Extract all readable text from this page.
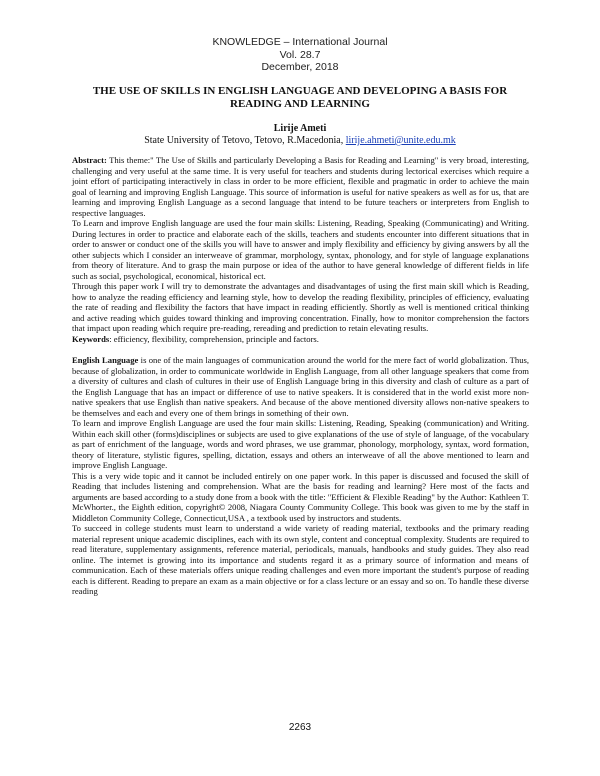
KNOWLEDGE – International Journal
Vol. 28.7
December, 2018
THE USE OF SKILLS IN ENGLISH LANGUAGE AND DEVELOPING A BASIS FOR READING AND LEARNING
Lirije Ameti
State University of Tetovo, Tetovo, R.Macedonia, lirije.ahmeti@unite.edu.mk

Abstract: This theme:" The Use of Skills and particularly Developing a Basis for Reading and Learning" is very broad, interesting, challenging and very useful at the same time. It is very useful for teachers and students during lectorical exercises which require a joint effort of participating interactively in class in order to be more efficient, flexible and pragmatic in order to achieve the main goal of learning and improving English Language. This source of information is useful for native speakers as well as for us, that are learning and improving English Language as a second language that intend to be future teachers or interpreters from English to respective languages.

To Learn and improve English language are used the four main skills: Listening, Reading, Speaking (Communicating) and Writing. During lectures in order to practice and elaborate each of the skills, teachers and students encounter into different situations that in order to answer or conduct one of the skills you will have to answer and imply flexibility and efficiency by giving answers by all the other subjects which I consider an interweave of grammar, morphology, syntax, phonology, and for style of language explanations from theory of literature. And to grasp the main purpose or idea of the author to have general knowledge of different fields in life such as social, psychological, economical, historical ect.

Through this paper work I will try to demonstrate the advantages and disadvantages of using the first main skill which is Reading, how to analyze the reading efficiency and learning style, how to develop the reading flexibility, principles of efficiency, evaluating the rate of reading and flexibility the factors that have impact in reading efficiently. Shortly as well is mentioned critical thinking and active reading which guides toward thinking and improving concentration. Finally, how to monitor comprehension the factors that impact upon reading which require pre-reading, rereading and prediction to retain elevating results.

Keywords: efficiency, flexibility, comprehension, principle and factors.

English Language is one of the main languages of communication around the world for the mere fact of world globalization. Thus, because of globalization, in order to communicate worldwide in English Language, from all other language speakers that come from a diversity of cultures and clash of cultures in their use of English Language bring in this diversity and clash of culture as a part of the English Language that has an impact or difference of use to native speakers. It is considered that in the world exist more non-native speakers that use English than native speakers. And because of the above mentioned diversity allows non-native speakers to be themselves and each and every one of them brings in something of their own.

To learn and improve English Language are used the four main skills: Listening, Reading, Speaking (communication) and Writing. Within each skill other (forms)disciplines or subjects are used to give explanations of the use of style of language, of the vocabulary as part of enrichment of the language, words and word phrases, we use grammar, phonology, morphology, syntax, word formation, theory of literature, stylistic figures, spelling, dictation, essays and others an interweave of all the above mentioned to learn and improve English Language.

This is a very wide topic and it cannot be included entirely on one paper work. In this paper is discussed and focused the skill of Reading that includes listening and comprehension. What are the basis for reading and learning? Here most of the facts and arguments are based according to a study done from a book with the title: "Efficient & Flexible Reading" by the Author: Kathleen T. McWhorter., the Eighth edition, copyright© 2008, Niagara County Community College. This book was given to me by the staff in Middleton Community College, Connecticut,USA , a textbook used by instructors and students.

To succeed in college students must learn to understand a wide variety of reading material, textbooks and the primary reading material represent unique academic disciplines, each with its own style, content and conceptual complexity. Students are required to read literature, supplementary assignments, reference material, periodicals, manuals, handbooks and study guides. They also read online. The internet is growing into its importance and students regard it as a primary source of information and means of communication. Each of these materials offers unique reading challenges and even more important the student's purpose of reading each is different. Reading to prepare an exam as a main objective or for a class lecture or an essay and so on. To handle these diverse reading

2263
